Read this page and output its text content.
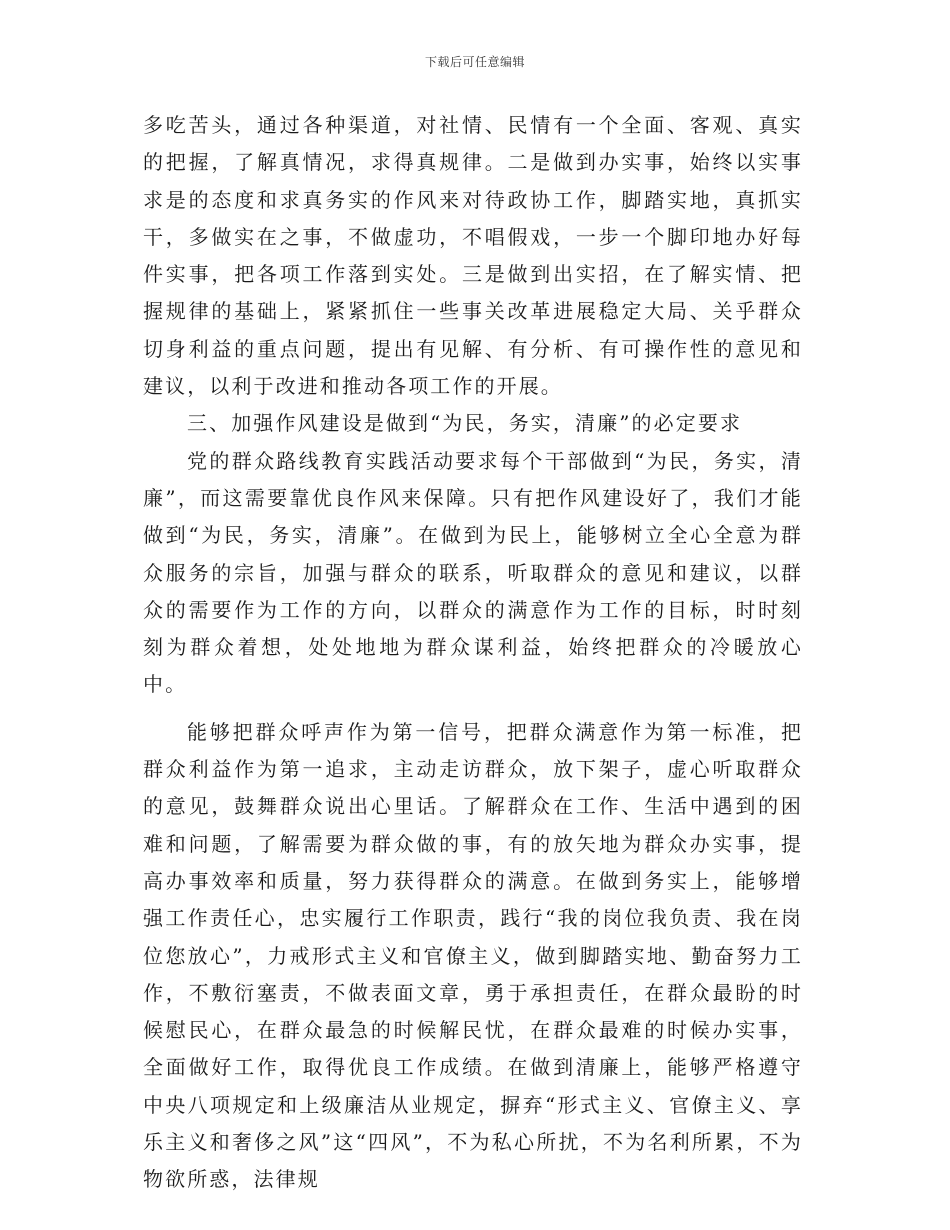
下载后可任意编辑

多吃苦头，通过各种渠道，对社情、民情有一个全面、客观、真实的把握，了解真情况，求得真规律。二是做到办实事，始终以实事求是的态度和求真务实的作风来对待政协工作，脚踏实地，真抓实干，多做实在之事，不做虚功，不唱假戏，一步一个脚印地办好每件实事，把各项工作落到实处。三是做到出实招，在了解实情、把握规律的基础上，紧紧抓住一些事关改革进展稳定大局、关乎群众切身利益的重点问题，提出有见解、有分析、有可操作性的意见和建议，以利于改进和推动各项工作的开展。

三、加强作风建设是做到“为民，务实，清廉”的必定要求

党的群众路线教育实践活动要求每个干部做到“为民，务实，清廉”，而这需要靠优良作风来保障。只有把作风建设好了，我们才能做到“为民，务实，清廉”。在做到为民上，能够树立全心全意为群众服务的宗旨，加强与群众的联系，听取群众的意见和建议，以群众的需要作为工作的方向，以群众的满意作为工作的目标，时时刻刻为群众着想，处处地地为群众谋利益，始终把群众的冷暖放心中。

能够把群众呼声作为第一信号，把群众满意作为第一标准，把群众利益作为第一追求，主动走访群众，放下架子，虚心听取群众的意见，鼓舞群众说出心里话。了解群众在工作、生活中遇到的困难和问题，了解需要为群众做的事，有的放矢地为群众办实事，提高办事效率和质量，努力获得群众的满意。在做到务实上，能够增强工作责任心，忠实履行工作职责，践行“我的岗位我负责、我在岗位您放心”，力戒形式主义和官僚主义，做到脚踏实地、勤奋努力工作，不敷衍塞责，不做表面文章，勇于承担责任，在群众最盼的时候慰民心，在群众最急的时候解民忧，在群众最难的时候办实事，全面做好工作，取得优良工作成绩。在做到清廉上，能够严格遵守中央八项规定和上级廉洁从业规定，摒弃“形式主义、官僚主义、享乐主义和奢侈之风”这“四风”，不为私心所扰，不为名利所累，不为物欲所惑，法律规
